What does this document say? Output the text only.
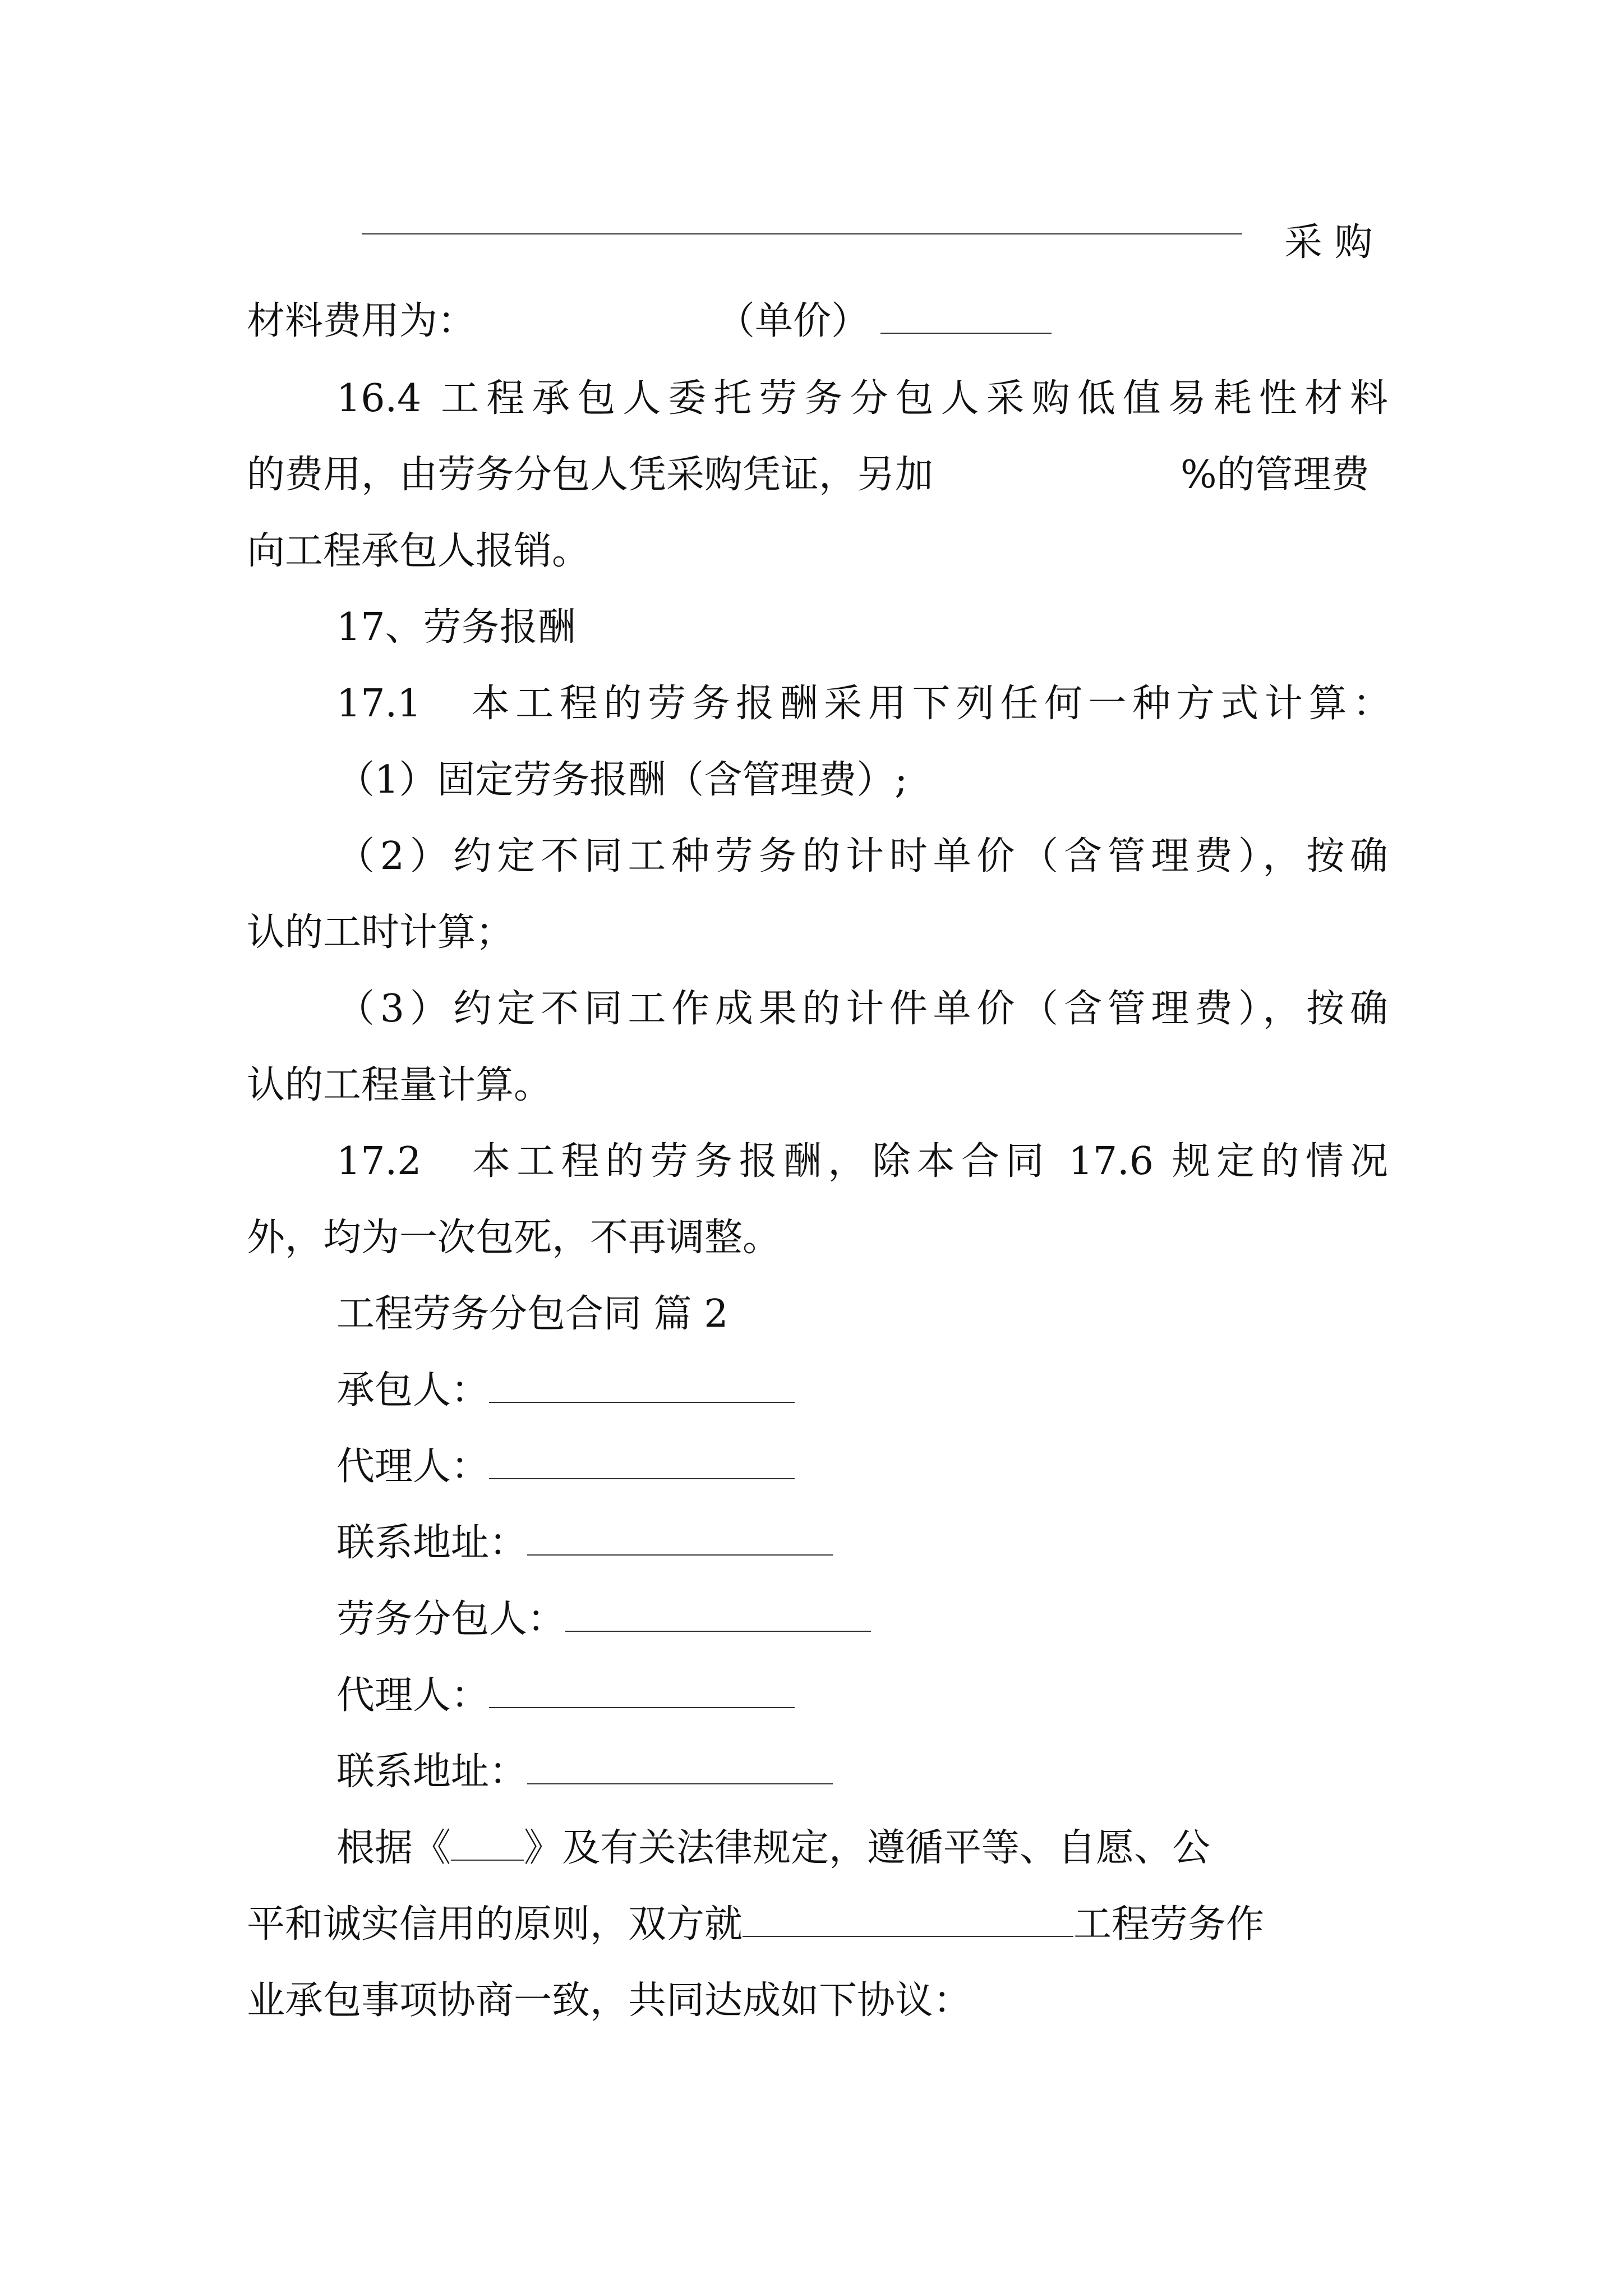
采 购
材料费用为：	（单价）
16.4 工程承包人委托劳务分包人采购低值易耗性材料
的费用，由劳务分包人凭采购凭证，另加	%的管理费
向工程承包人报销。
17、劳务报酬
17.1　本工程的劳务报酬采用下列任何一种方式计算：
（1）固定劳务报酬（含管理费）;
（2）约定不同工种劳务的计时单价（含管理费），按确
认的工时计算；
（3）约定不同工作成果的计件单价（含管理费），按确
认的工程量计算。
17.2　本工程的劳务报酬，除本合同 17.6 规定的情况
外，均为一次包死，不再调整。
工程劳务分包合同 篇 2
承包人：
代理人：
联系地址：
劳务分包人：
代理人：
联系地址：
根据《 》及有关法律规定，遵循平等、自愿、公
平和诚实信用的原则，双方就	工程劳务作
业承包事项协商一致，共同达成如下协议：
